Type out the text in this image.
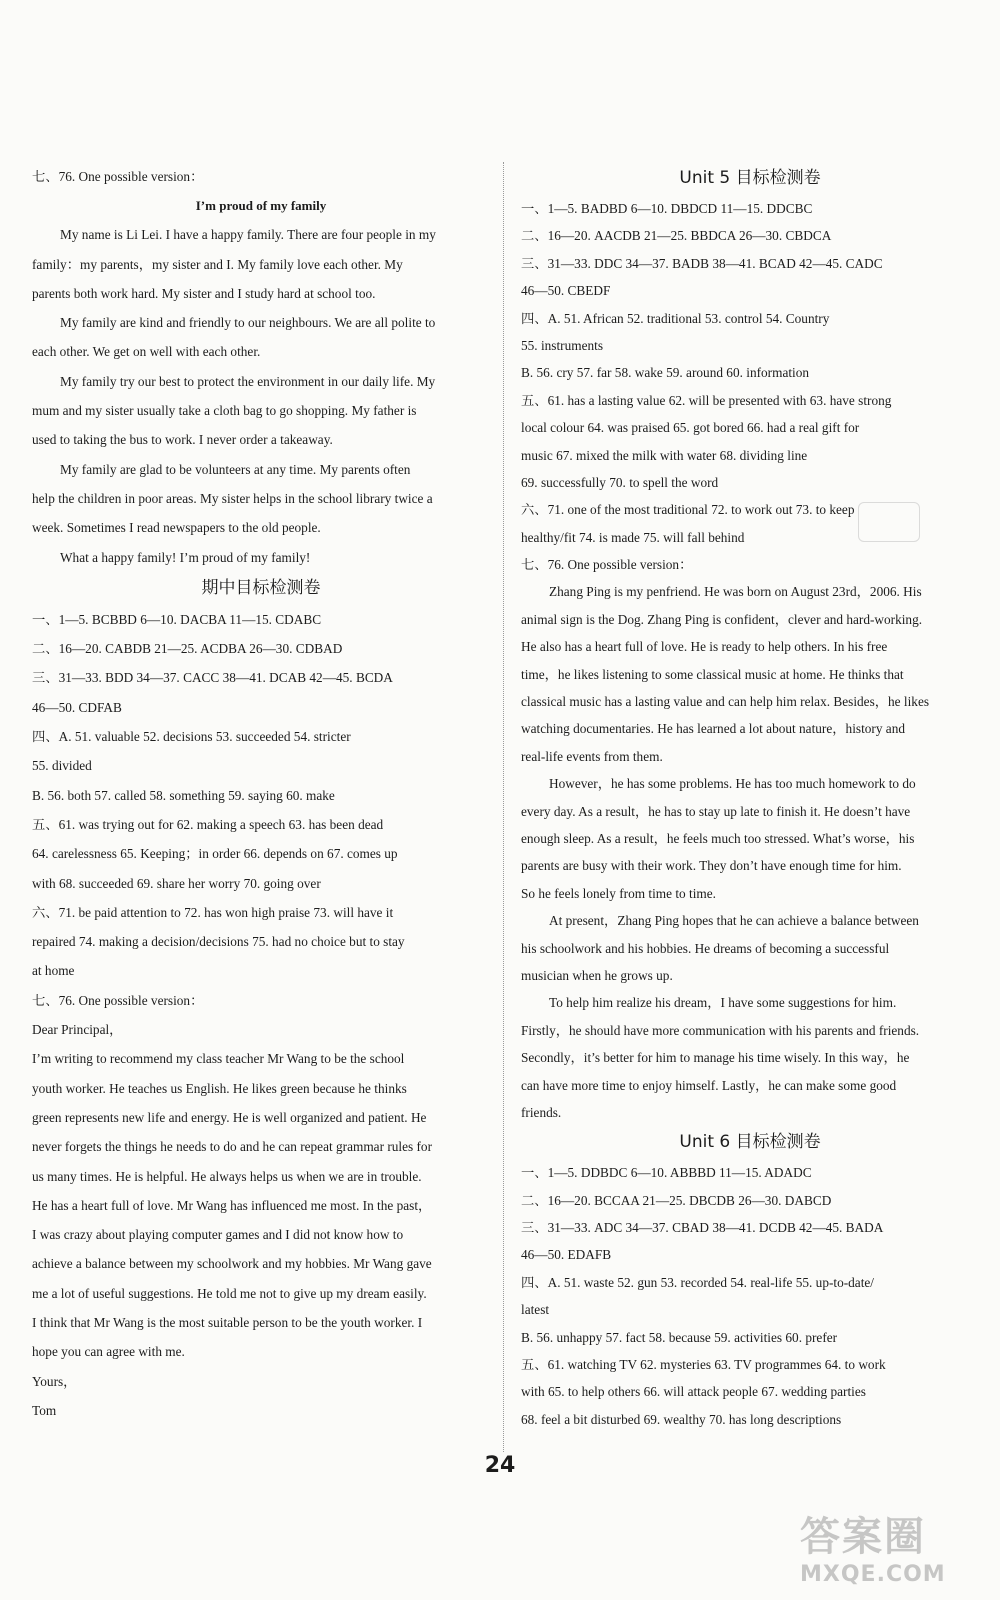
七、76. One possible version：
I’m proud of my family
My name is Li Lei. I have a happy family. There are four people in my
family：my parents，my sister and I. My family love each other. My
parents both work hard. My sister and I study hard at school too.
My family are kind and friendly to our neighbours. We are all polite to
each other. We get on well with each other.
My family try our best to protect the environment in our daily life. My
mum and my sister usually take a cloth bag to go shopping. My father is
used to taking the bus to work. I never order a takeaway.
My family are glad to be volunteers at any time. My parents often
help the children in poor areas. My sister helps in the school library twice a
week. Sometimes I read newspapers to the old people.
What a happy family! I’m proud of my family!
期中目标检测卷
一、1—5. BCBBD 6—10. DACBA 11—15. CDABC
二、16—20. CABDB 21—25. ACDBA 26—30. CDBAD
三、31—33. BDD 34—37. CACC 38—41. DCAB 42—45. BCDA
46—50. CDFAB
四、A. 51. valuable 52. decisions 53. succeeded 54. stricter
55. divided
B. 56. both 57. called 58. something 59. saying 60. make
五、61. was trying out for 62. making a speech 63. has been dead
64. carelessness 65. Keeping；in order 66. depends on 67. comes up
with 68. succeeded 69. share her worry 70. going over
六、71. be paid attention to 72. has won high praise 73. will have it
repaired 74. making a decision/decisions 75. had no choice but to stay
at home
七、76. One possible version：
Dear Principal，
I’m writing to recommend my class teacher Mr Wang to be the school
youth worker. He teaches us English. He likes green because he thinks
green represents new life and energy. He is well organized and patient. He
never forgets the things he needs to do and he can repeat grammar rules for
us many times. He is helpful. He always helps us when we are in trouble.
He has a heart full of love. Mr Wang has influenced me most. In the past，
I was crazy about playing computer games and I did not know how to
achieve a balance between my schoolwork and my hobbies. Mr Wang gave
me a lot of useful suggestions. He told me not to give up my dream easily.
I think that Mr Wang is the most suitable person to be the youth worker. I
hope you can agree with me.
Yours，
Tom
Unit 5 目标检测卷
一、1—5. BADBD 6—10. DBDCD 11—15. DDCBC
二、16—20. AACDB 21—25. BBDCA 26—30. CBDCA
三、31—33. DDC 34—37. BADB 38—41. BCAD 42—45. CADC
46—50. CBEDF
四、A. 51. African 52. traditional 53. control 54. Country
55. instruments
B. 56. cry 57. far 58. wake 59. around 60. information
五、61. has a lasting value 62. will be presented with 63. have strong
local colour 64. was praised 65. got bored 66. had a real gift for
music 67. mixed the milk with water 68. dividing line
69. successfully 70. to spell the word
六、71. one of the most traditional 72. to work out 73. to keep
healthy/fit 74. is made 75. will fall behind
七、76. One possible version：
Zhang Ping is my penfriend. He was born on August 23rd，2006. His
animal sign is the Dog. Zhang Ping is confident，clever and hard-working.
He also has a heart full of love. He is ready to help others. In his free
time，he likes listening to some classical music at home. He thinks that
classical music has a lasting value and can help him relax. Besides，he likes
watching documentaries. He has learned a lot about nature，history and
real-life events from them.
However，he has some problems. He has too much homework to do
every day. As a result，he has to stay up late to finish it. He doesn’t have
enough sleep. As a result，he feels much too stressed. What’s worse，his
parents are busy with their work. They don’t have enough time for him.
So he feels lonely from time to time.
At present，Zhang Ping hopes that he can achieve a balance between
his schoolwork and his hobbies. He dreams of becoming a successful
musician when he grows up.
To help him realize his dream，I have some suggestions for him.
Firstly，he should have more communication with his parents and friends.
Secondly，it’s better for him to manage his time wisely. In this way，he
can have more time to enjoy himself. Lastly，he can make some good
friends.
Unit 6 目标检测卷
一、1—5. DDBDC 6—10. ABBBD 11—15. ADADC
二、16—20. BCCAA 21—25. DBCDB 26—30. DABCD
三、31—33. ADC 34—37. CBAD 38—41. DCDB 42—45. BADA
46—50. EDAFB
四、A. 51. waste 52. gun 53. recorded 54. real-life 55. up-to-date/
latest
B. 56. unhappy 57. fact 58. because 59. activities 60. prefer
五、61. watching TV 62. mysteries 63. TV programmes 64. to work
with 65. to help others 66. will attack people 67. wedding parties
68. feel a bit disturbed 69. wealthy 70. has long descriptions
24
答案圈
MXQE.COM
